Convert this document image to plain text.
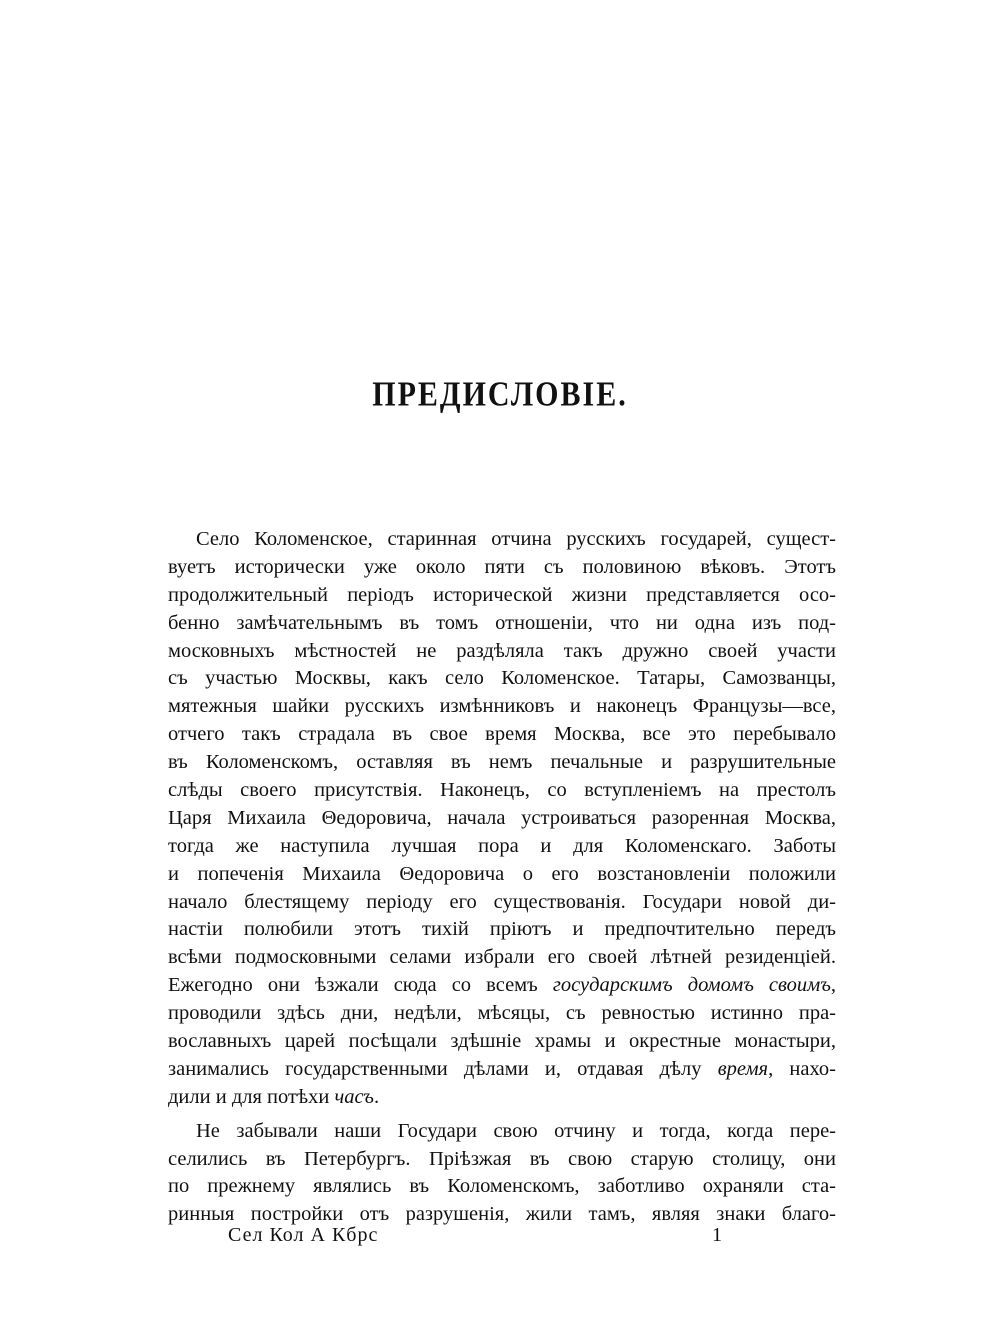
ПРЕДИСЛОВІЕ.
Село Коломенское, старинная отчина русскихъ государей, сущест-
вуетъ исторически уже около пяти съ половиною вѣковъ. Этотъ
продолжительный періодъ исторической жизни представляется осо-
бенно замѣчательнымъ въ томъ отношеніи, что ни одна изъ под-
московныхъ мѣстностей не раздѣляла такъ дружно своей участи
съ участью Москвы, какъ село Коломенское. Татары, Самозванцы,
мятежныя шайки русскихъ измѣнниковъ и наконецъ Французы—все,
отчего такъ страдала въ свое время Москва, все это перебывало
въ Коломенскомъ, оставляя въ немъ печальные и разрушительные
слѣды своего присутствія. Наконецъ, со вступленіемъ на престолъ
Царя Михаила Θедоровича, начала устроиваться разоренная Москва,
тогда же наступила лучшая пора и для Коломенскаго. Заботы
и попеченія Михаила Θедоровича о его возстановленіи положили
начало блестящему періоду его существованія. Государи новой ди-
настіи полюбили этотъ тихій пріютъ и предпочтительно передъ
всѣми подмосковными селами избрали его своей лѣтней резиденціей.
Ежегодно они ѣзжали сюда со всемъ государскимъ домомъ своимъ,
проводили здѣсь дни, недѣли, мѣсяцы, съ ревностью истинно пра-
вославныхъ царей посѣщали здѣшніе храмы и окрестные монастыри,
занимались государственными дѣлами и, отдавая дѣлу время, нахо-
дили и для потѣхи часъ.
Не забывали наши Государи свою отчину и тогда, когда пере-
селились въ Петербургъ. Пріѣзжая въ свою старую столицу, они
по прежнему являлись въ Коломенскомъ, заботливо охраняли ста-
ринныя постройки отъ разрушенія, жили тамъ, являя знаки благо-
Сел Кол А Кбрс	1
